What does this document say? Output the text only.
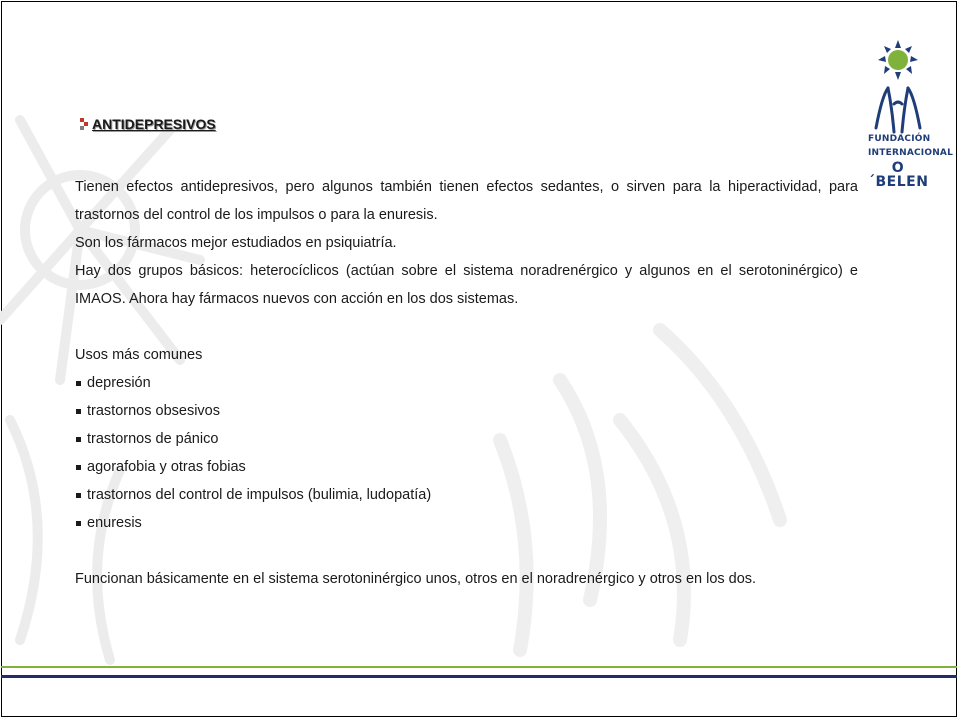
FUNDACIÓN
INTERNACIONAL
O´BELEN
ANTIDEPRESIVOS

Tienen efectos antidepresivos, pero algunos también tienen efectos sedantes, o sirven para la hiperactividad, para trastornos del control de los impulsos o para la enuresis.

Son los fármacos mejor estudiados en psiquiatría.

Hay dos grupos básicos: heterocíclicos (actúan sobre el sistema noradrenérgico y algunos en el serotoninérgico) e IMAOS. Ahora hay fármacos nuevos con acción en los dos sistemas.

Usos más comunes

depresión
trastornos obsesivos
trastornos de pánico
agorafobia y otras fobias
trastornos del control de impulsos (bulimia, ludopatía)
enuresis

Funcionan básicamente en el sistema serotoninérgico unos, otros en el noradrenérgico y otros en los dos.
